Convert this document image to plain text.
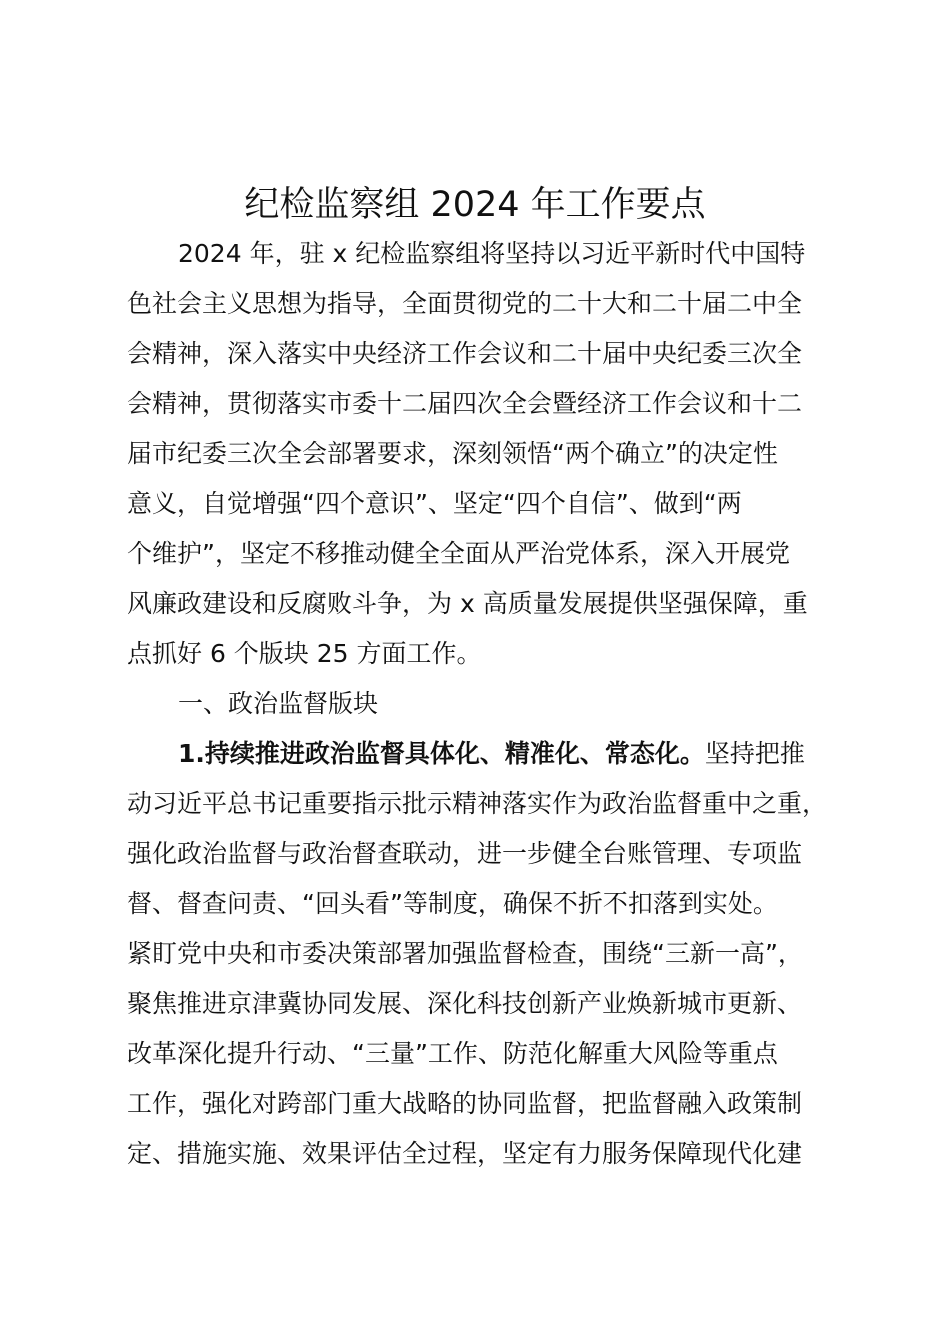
纪检监察组 2024 年工作要点
2024 年，驻 x 纪检监察组将坚持以习近平新时代中国特
色社会主义思想为指导，全面贯彻党的二十大和二十届二中全
会精神，深入落实中央经济工作会议和二十届中央纪委三次全
会精神，贯彻落实市委十二届四次全会暨经济工作会议和十二
届市纪委三次全会部署要求，深刻领悟“两个确立”的决定性
意义，自觉增强“四个意识”、坚定“四个自信”、做到“两
个维护”，坚定不移推动健全全面从严治党体系，深入开展党
风廉政建设和反腐败斗争，为 x 高质量发展提供坚强保障，重
点抓好 6 个版块 25 方面工作。
一、政治监督版块
1.持续推进政治监督具体化、精准化、常态化。坚持把推
动习近平总书记重要指示批示精神落实作为政治监督重中之重，
强化政治监督与政治督查联动，进一步健全台账管理、专项监
督、督查问责、“回头看”等制度，确保不折不扣落到实处。
紧盯党中央和市委决策部署加强监督检查，围绕“三新一高”，
聚焦推进京津冀协同发展、深化科技创新产业焕新城市更新、
改革深化提升行动、“三量”工作、防范化解重大风险等重点
工作，强化对跨部门重大战略的协同监督，把监督融入政策制
定、措施实施、效果评估全过程，坚定有力服务保障现代化建
